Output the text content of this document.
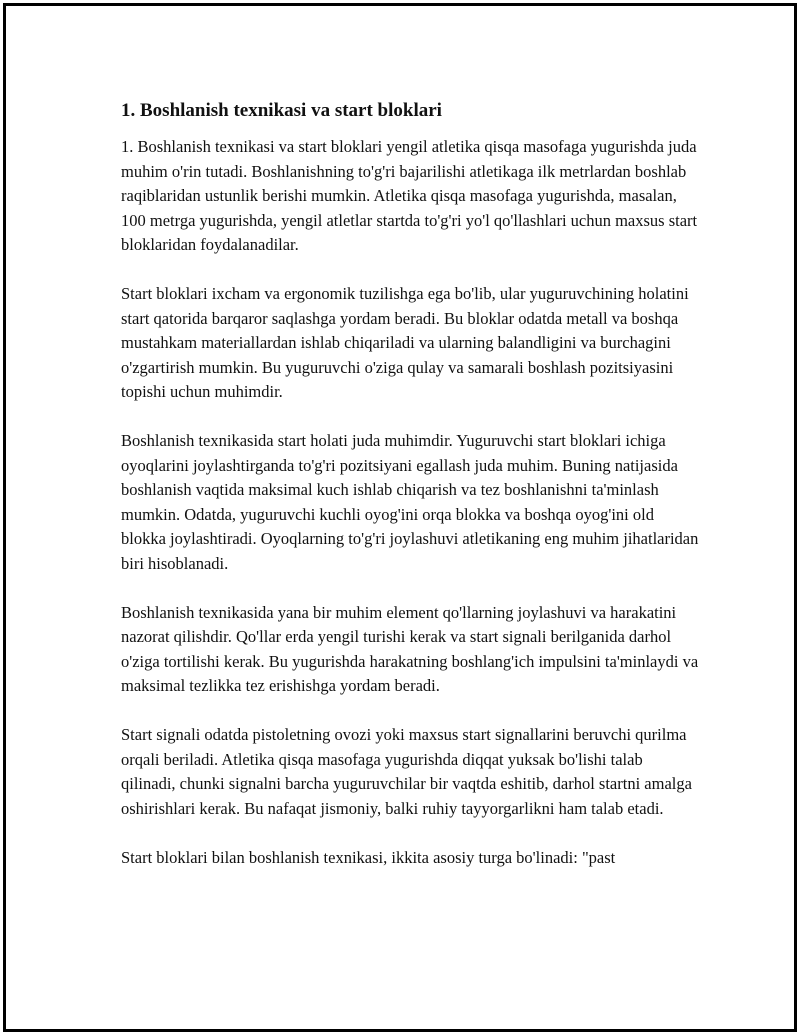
1. Boshlanish texnikasi va start bloklari

1. Boshlanish texnikasi va start bloklari yengil atletika qisqa masofaga yugurishda juda muhim o'rin tutadi. Boshlanishning to'g'ri bajarilishi atletikaga ilk metrlardan boshlab raqiblaridan ustunlik berishi mumkin. Atletika qisqa masofaga yugurishda, masalan, 100 metrga yugurishda, yengil atletlar startda to'g'ri yo'l qo'llashlari uchun maxsus start bloklaridan foydalanadilar.

Start bloklari ixcham va ergonomik tuzilishga ega bo'lib, ular yuguruvchining holatini start qatorida barqaror saqlashga yordam beradi. Bu bloklar odatda metall va boshqa mustahkam materiallardan ishlab chiqariladi va ularning balandligini va burchagini o'zgartirish mumkin. Bu yuguruvchi o'ziga qulay va samarali boshlash pozitsiyasini topishi uchun muhimdir.

Boshlanish texnikasida start holati juda muhimdir. Yuguruvchi start bloklari ichiga oyoqlarini joylashtirganda to'g'ri pozitsiyani egallash juda muhim. Buning natijasida boshlanish vaqtida maksimal kuch ishlab chiqarish va tez boshlanishni ta'minlash mumkin. Odatda, yuguruvchi kuchli oyog'ini orqa blokka va boshqa oyog'ini old blokka joylashtiradi. Oyoqlarning to'g'ri joylashuvi atletikaning eng muhim jihatlaridan biri hisoblanadi.

Boshlanish texnikasida yana bir muhim element qo'llarning joylashuvi va harakatini nazorat qilishdir. Qo'llar erda yengil turishi kerak va start signali berilganida darhol o'ziga tortilishi kerak. Bu yugurishda harakatning boshlang'ich impulsini ta'minlaydi va maksimal tezlikka tez erishishga yordam beradi.

Start signali odatda pistoletning ovozi yoki maxsus start signallarini beruvchi qurilma orqali beriladi. Atletika qisqa masofaga yugurishda diqqat yuksak bo'lishi talab qilinadi, chunki signalni barcha yuguruvchilar bir vaqtda eshitib, darhol startni amalga oshirishlari kerak. Bu nafaqat jismoniy, balki ruhiy tayyorgarlikni ham talab etadi.

Start bloklari bilan boshlanish texnikasi, ikkita asosiy turga bo'linadi: "past
